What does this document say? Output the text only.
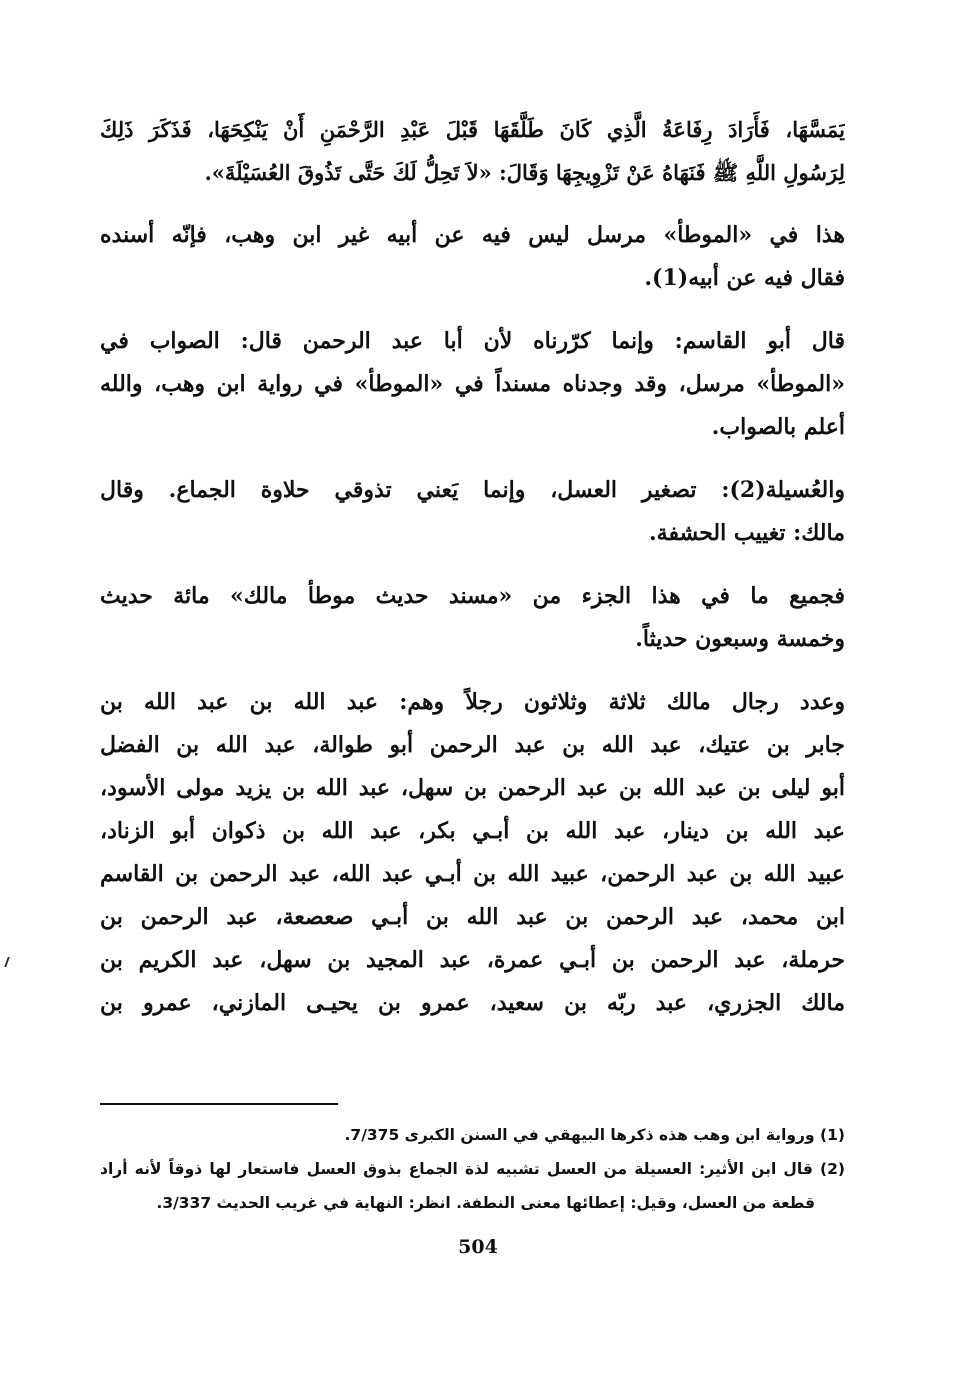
يَمَسَّهَا، فَأَرَادَ رِفَاعَةُ الَّذِي كَانَ طَلَّقَهَا قَبْلَ عَبْدِ الرَّحْمَنِ أَنْ يَنْكِحَهَا، فَذَكَرَ ذَلِكَ
لِرَسُولِ اللَّهِ ﷺ فَنَهَاهُ عَنْ تَزْوِيجِهَا وَقَالَ: «لاَ تَحِلُّ لَكَ حَتَّى تَذُوقَ العُسَيْلَةَ».

هذا في «الموطأ» مرسل ليس فيه عن أبيه غير ابن وهب، فإنّه أسنده
فقال فيه عن أبيه(1).

قال أبو القاسم: وإنما كرّرناه لأن أبا عبد الرحمن قال: الصواب في
«الموطأ» مرسل، وقد وجدناه مسنداً في «الموطأ» في رواية ابن وهب، والله
أعلم بالصواب.

والعُسيلة(2): تصغير العسل، وإنما يَعني تذوقي حلاوة الجماع. وقال
مالك: تغييب الحشفة.

فجميع ما في هذا الجزء من «مسند حديث موطأ مالك» مائة حديث
وخمسة وسبعون حديثاً.

وعدد رجال مالك ثلاثة وثلاثون رجلاً وهم: عبد الله بن عبد الله بن
جابر بن عتيك، عبد الله بن عبد الرحمن أبو طوالة، عبد الله بن الفضل
أبو ليلى بن عبد الله بن عبد الرحمن بن سهل، عبد الله بن يزيد مولى الأسود،
عبد الله بن دينار، عبد الله بن أبـي بكر، عبد الله بن ذكوان أبو الزناد،
عبيد الله بن عبد الرحمن، عبيد الله بن أبـي عبد الله، عبد الرحمن بن القاسم
ابن محمد، عبد الرحمن بن عبد الله بن أبـي صعصعة، عبد الرحمن بن
حرملة، عبد الرحمن بن أبـي عمرة، عبد المجيد بن سهل، عبد الكريم بن
مالك الجزري، عبد ربّه بن سعيد، عمرو بن يحيـى المازني، عمرو بن

(1) ورواية ابن وهب هذه ذكرها البيهقي في السنن الكبرى 7/375.
(2) قال ابن الأثير: العسيلة من العسل تشبيه لذة الجماع بذوق العسل فاستعار لها ذوقاً لأنه أراد
قطعة من العسل، وقيل: إعطائها معنى النطفة. انظر: النهاية في غريب الحديث 3/337.
504
